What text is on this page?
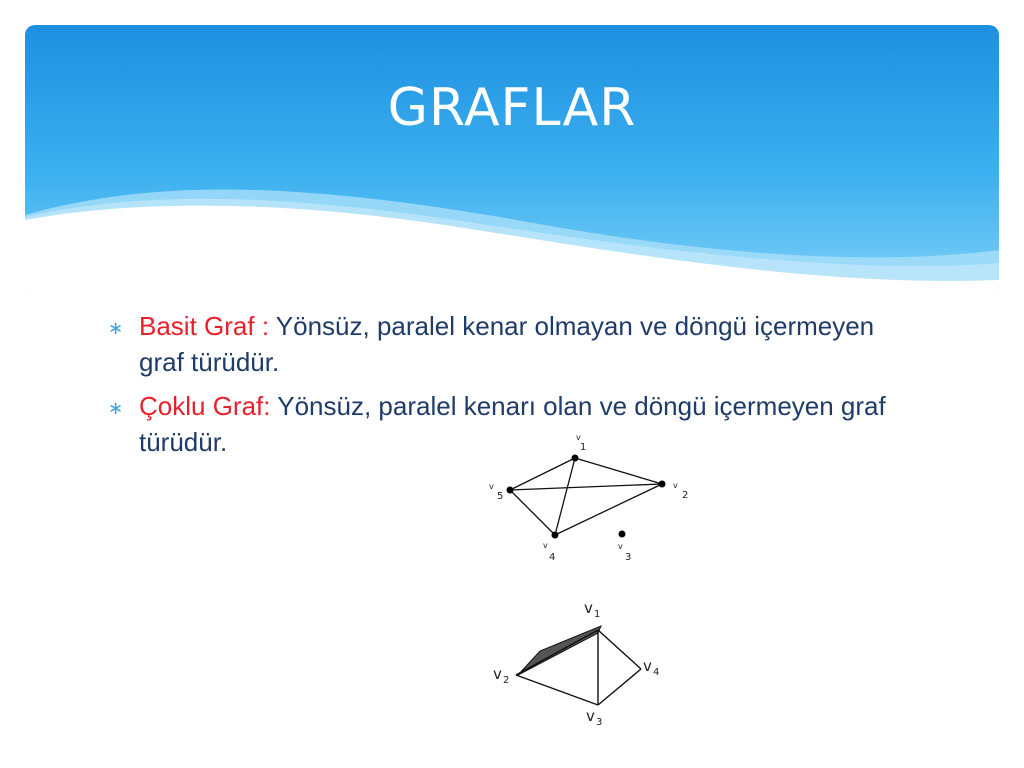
GRAFLAR
∗ Basit Graf : Yönsüz, paralel kenar olmayan ve döngü içermeyen graf türüdür.
∗ Çoklu Graf: Yönsüz, paralel kenarı olan ve döngü içermeyen graf türüdür.	v
1
v
2
v
3
v
4
v
5
v 1
v 2
v 3
v 4
